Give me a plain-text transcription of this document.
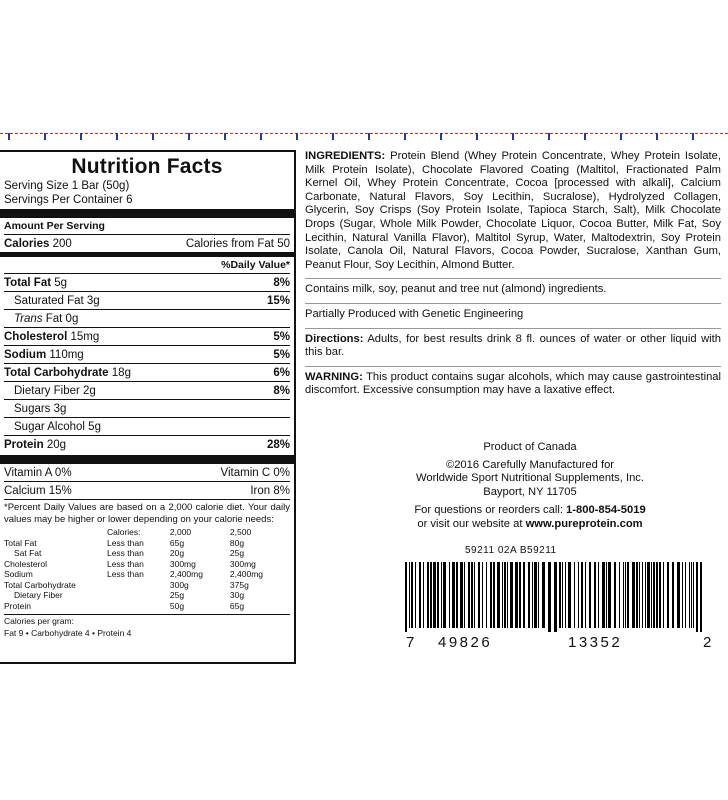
Nutrition Facts
Serving Size 1 Bar (50g)
Servings Per Container 6
Amount Per Serving
Calories 200	Calories from Fat 50
%Daily Value*
Total Fat 5g	8%
Saturated Fat 3g	15%
Trans Fat 0g
Cholesterol 15mg	5%
Sodium 110mg	5%
Total Carbohydrate 18g	6%
Dietary Fiber 2g	8%
Sugars 3g
Sugar Alcohol 5g
Protein 20g	28%
Vitamin A 0%	Vitamin C 0%
Calcium 15%	Iron 8%
*Percent Daily Values are based on a 2,000 calorie diet. Your daily values may be higher or lower depending on your calorie needs:
	Calories:	2,000	2,500
Total Fat	Less than	65g	80g
Sat Fat	Less than	20g	25g
Cholesterol	Less than	300mg	300mg
Sodium	Less than	2,400mg	2,400mg
Total Carbohydrate		300g	375g
Dietary Fiber		25g	30g
Protein		50g	65g
Calories per gram:
Fat 9 • Carbohydrate 4 • Protein 4

INGREDIENTS: Protein Blend (Whey Protein Concentrate, Whey Protein Isolate, Milk Protein Isolate), Chocolate Flavored Coating (Maltitol, Fractionated Palm Kernel Oil, Whey Protein Concentrate, Cocoa [processed with alkali], Calcium Carbonate, Natural Flavors, Soy Lecithin, Sucralose), Hydrolyzed Collagen, Glycerin, Soy Crisps (Soy Protein Isolate, Tapioca Starch, Salt), Milk Chocolate Drops (Sugar, Whole Milk Powder, Chocolate Liquor, Cocoa Butter, Milk Fat, Soy Lecithin, Natural Vanilla Flavor), Maltitol Syrup, Water, Maltodextrin, Soy Protein Isolate, Canola Oil, Natural Flavors, Cocoa Powder, Sucralose, Xanthan Gum, Peanut Flour, Soy Lecithin, Almond Butter.

Contains milk, soy, peanut and tree nut (almond) ingredients.

Partially Produced with Genetic Engineering

Directions: Adults, for best results drink 8 fl. ounces of water or other liquid with this bar.

WARNING: This product contains sugar alcohols, which may cause gastrointestinal discomfort. Excessive consumption may have a laxative effect.

Product of Canada
©2016 Carefully Manufactured for
Worldwide Sport Nutritional Supplements, Inc.
Bayport, NY 11705
For questions or reorders call: 1-800-854-5019
or visit our website at www.pureprotein.com
59211 02A B59211
7 49826	13352	2
